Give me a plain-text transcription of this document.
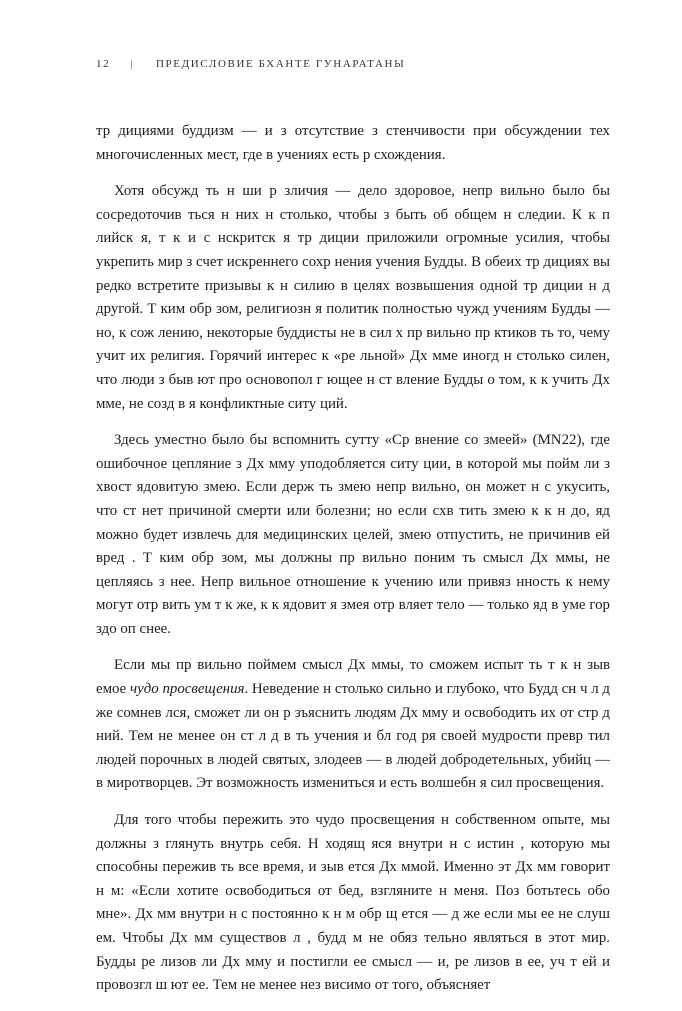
12 | ПРЕДИСЛОВИЕ БХАНТЕ ГУНАРАТАНЫ

тр дициями буддизм — и з отсутствие з стенчивости при обсуждении тех многочисленных мест, где в учениях есть р схождения.

Хотя обсужд ть н ши р зличия — дело здоровое, непр вильно было бы сосредоточив ться н них н столько, чтобы з быть об общем н следии. К к п лийск я, т к и с нскритск я тр диции приложили огромные усилия, чтобы укрепить мир з счет искреннего сохр нения учения Будды. В обеих тр дициях вы редко встретите призывы к н силию в целях возвышения одной тр диции н д другой. Т ким обр зом, религиозн я политик полностью чужд учениям Будды — но, к сож лению, некоторые буддисты не в сил х пр вильно пр ктиков ть то, чему учит их религия. Горячий интерес к «ре льной» Дх мме иногд н столько силен, что люди з быв ют про основопол г ющее н ст вление Будды о том, к к учить Дх мме, не созд в я конфликтные ситу ций.

Здесь уместно было бы вспомнить сутту «Ср внение со змеей» (MN22), где ошибочное цепляние з Дх мму уподобляется ситу ции, в которой мы пойм ли з хвост ядовитую змею. Если держ ть змею непр вильно, он может н с укусить, что ст нет причиной смерти или болезни; но если схв тить змею к к н до, яд можно будет извлечь для медицинских целей, змею отпустить, не причинив ей вред . Т ким обр зом, мы должны пр вильно поним ть смысл Дх ммы, не цепляясь з нее. Непр вильное отношение к учению или привяз нность к нему могут отр вить ум т к же, к к ядовит я змея отр вляет тело — только яд в уме гор здо оп снее.

Если мы пр вильно поймем смысл Дх ммы, то сможем испыт ть т к н зыв емое чудо просвещения. Неведение н столько сильно и глубоко, что Будд сн ч л д же сомнев лся, сможет ли он р зъяснить людям Дх мму и освободить их от стр д ний. Тем не менее он ст л д в ть учения и бл год ря своей мудрости превр тил людей порочных в людей святых, злодеев — в людей добродетельных, убийц — в миротворцев. Эт возможность измениться и есть волшебн я сил просвещения.

Для того чтобы пережить это чудо просвещения н собственном опыте, мы должны з глянуть внутрь себя. Н ходящ яся внутри н с истин , которую мы способны пережив ть все время, и зыв ется Дх ммой. Именно эт Дх мм говорит н м: «Если хотите освободиться от бед, взгляните н меня. Поз ботьтесь обо мне». Дх мм внутри н с постоянно к н м обр щ ется — д же если мы ее не слуш ем. Чтобы Дх мм существов л , будд м не обяз тельно являться в этот мир. Будды ре лизов ли Дх мму и постигли ее смысл — и, ре лизов в ее, уч т ей и провозгл ш ют ее. Тем не менее нез висимо от того, объясняет
